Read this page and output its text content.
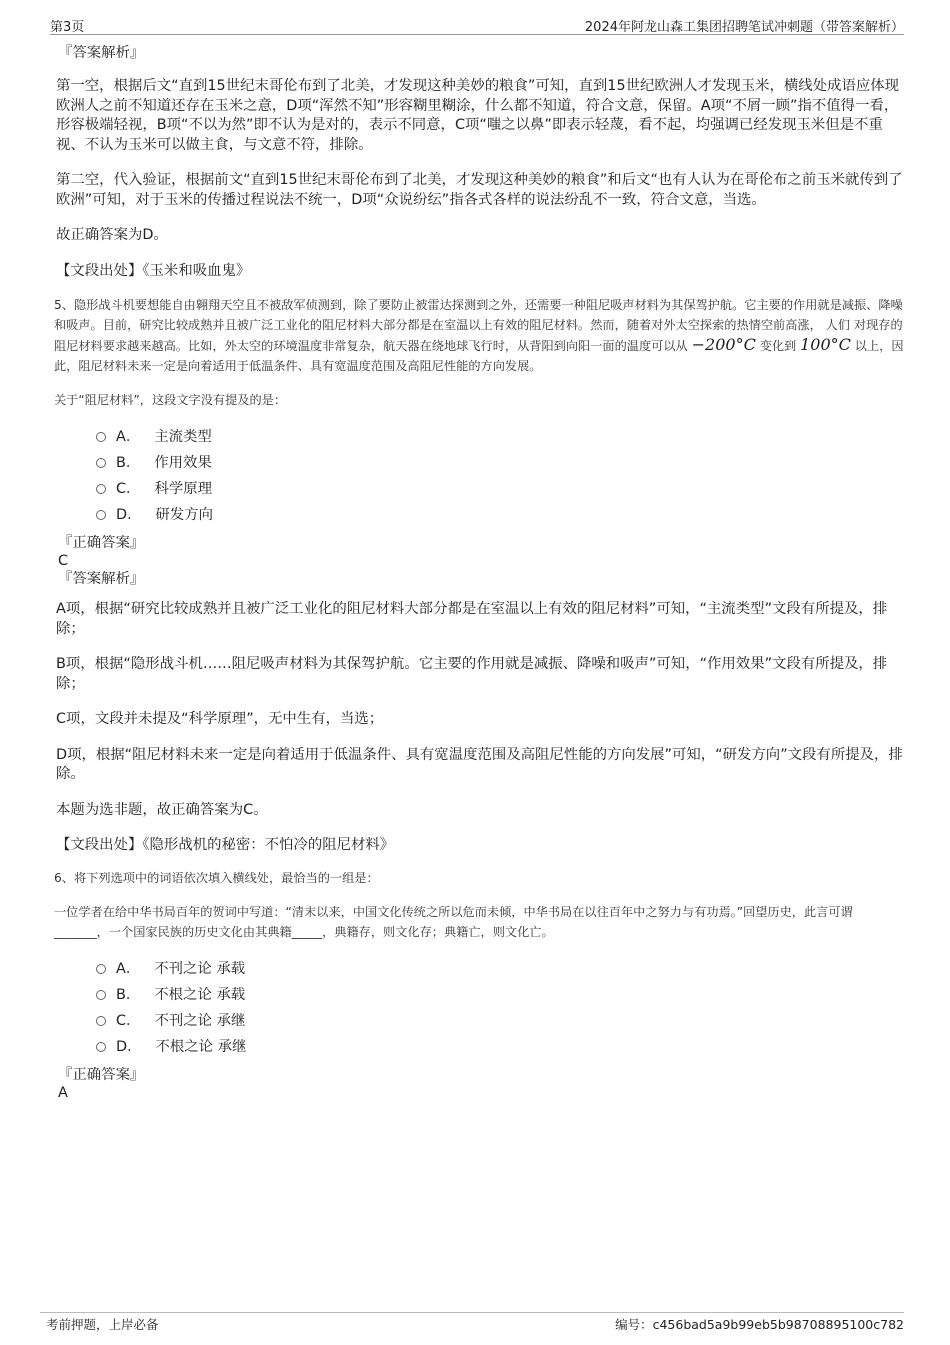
第3页	2024年阿龙山森工集团招聘笔试冲刺题（带答案解析）

『答案解析』

第一空，根据后文“直到15世纪末哥伦布到了北美，才发现这种美妙的粮食”可知，直到15世纪欧洲人才发现玉米，横线处成语应体现欧洲人之前不知道还存在玉米之意，D项“浑然不知”形容糊里糊涂，什么都不知道，符合文意，保留。A项“不屑一顾”指不值得一看，形容极端轻视，B项“不以为然”即不认为是对的，表示不同意，C项“嗤之以鼻”即表示轻蔑，看不起，均强调已经发现玉米但是不重视、不认为玉米可以做主食，与文意不符，排除。

第二空，代入验证，根据前文“直到15世纪末哥伦布到了北美，才发现这种美妙的粮食”和后文“也有人认为在哥伦布之前玉米就传到了欧洲”可知，对于玉米的传播过程说法不统一，D项“众说纷纭”指各式各样的说法纷乱不一致，符合文意，当选。

故正确答案为D。

【文段出处】《玉米和吸血鬼》

5、隐形战斗机要想能自由翱翔天空且不被敌军侦测到，除了要防止被雷达探测到之外，还需要一种阻尼吸声材料为其保驾护航。它主要的作用就是减振、降噪和吸声。目前，研究比较成熟并且被广泛工业化的阻尼材料大部分都是在室温以上有效的阻尼材料。然而，随着对外太空探索的热情空前高涨， 人们 对现存的阻尼材料要求越来越高。比如，外太空的环境温度非常复杂，航天器在绕地球飞行时，从背阳到向阳一面的温度可以从 −200°C 变化到 100°C 以上，因此，阻尼材料未来一定是向着适用于低温条件、具有宽温度范围及高阻尼性能的方向发展。

关于“阻尼材料”，这段文字没有提及的是：

A． 主流类型
B． 作用效果
C． 科学原理
D． 研发方向

『正确答案』

C

『答案解析』

A项，根据“研究比较成熟并且被广泛工业化的阻尼材料大部分都是在室温以上有效的阻尼材料”可知，“主流类型”文段有所提及，排除；

B项，根据“隐形战斗机……阻尼吸声材料为其保驾护航。它主要的作用就是减振、降噪和吸声”可知，“作用效果”文段有所提及，排除；

C项，文段并未提及“科学原理”，无中生有，当选；

D项，根据“阻尼材料未来一定是向着适用于低温条件、具有宽温度范围及高阻尼性能的方向发展”可知，“研发方向”文段有所提及，排除。

本题为选非题，故正确答案为C。

【文段出处】《隐形战机的秘密：不怕冷的阻尼材料》

6、将下列选项中的词语依次填入横线处，最恰当的一组是：

一位学者在给中华书局百年的贺词中写道：“清末以来，中国文化传统之所以危而未倾，中华书局在以往百年中之努力与有功焉。”回望历史，此言可谓_______，一个国家民族的历史文化由其典籍_____，典籍存，则文化存；典籍亡，则文化亡。

A． 不刊之论 承载
B． 不根之论 承载
C． 不刊之论 承继
D． 不根之论 承继

『正确答案』

A

考前押题，上岸必备	编号：c456bad5a9b99eb5b98708895100c782
